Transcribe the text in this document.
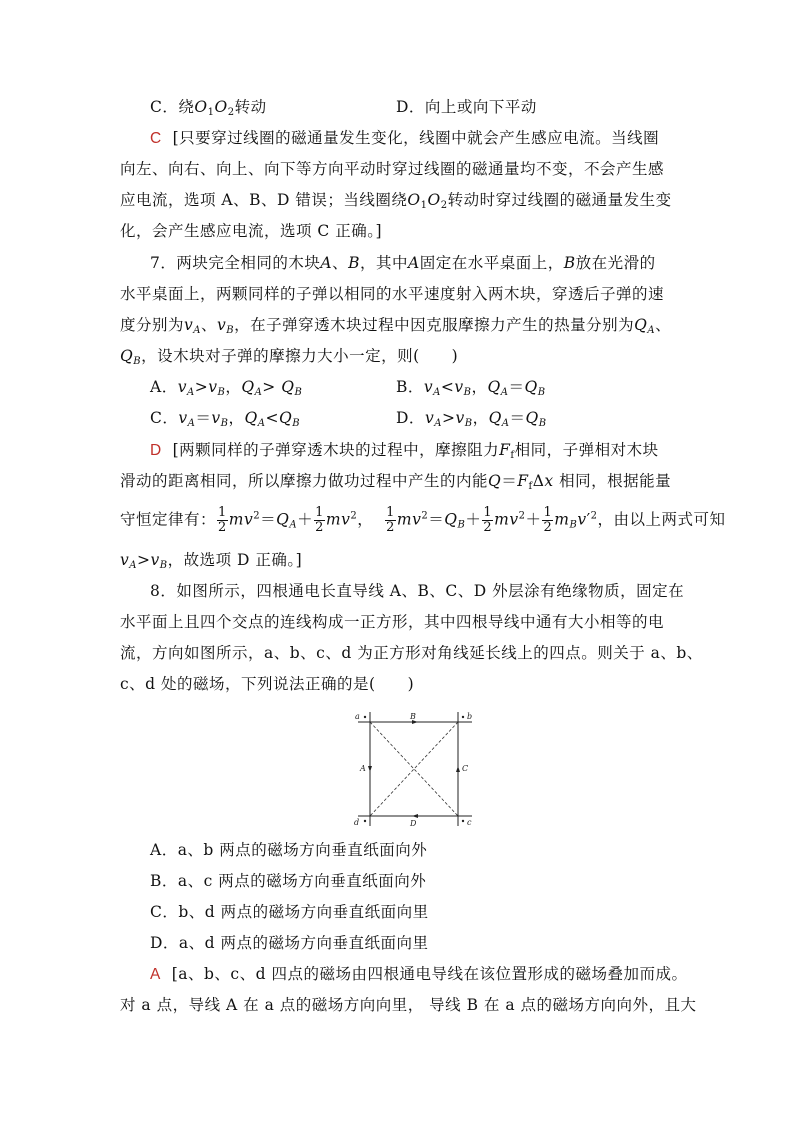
C．绕$O_1O_2$转动	D．向上或向下平动
C [只要穿过线圈的磁通量发生变化，线圈中就会产生感应电流。当线圈
向左、向右、向上、向下等方向平动时穿过线圈的磁通量均不变，不会产生感
应电流，选项 A、B、D 错误；当线圈绕$O_1O_2$转动时穿过线圈的磁通量发生变
化，会产生感应电流，选项 C 正确。]
7．两块完全相同的木块A、B，其中A固定在水平桌面上，B放在光滑的
水平桌面上，两颗同样的子弹以相同的水平速度射入两木块，穿透后子弹的速
度分别为$v_A$、$v_B$，在子弹穿透木块过程中因克服摩擦力产生的热量分别为$Q_A$、
$Q_B$，设木块对子弹的摩擦力大小一定，则(　　)
A．$v_A>v_B$，$Q_A> Q_B$	B．$v_A<v_B$，$Q_A=Q_B$
C．$v_A=v_B$，$Q_A<Q_B$	D．$v_A>v_B$，$Q_A=Q_B$
D [两颗同样的子弹穿透木块的过程中，摩擦阻力$F_f$相同，子弹相对木块
滑动的距离相同，所以摩擦力做功过程中产生的内能$Q=F_f\Delta x$ 相同，根据能量
守恒定律有： $\frac{1}{2} mv^2=Q_A+ \frac{1}{2} mv^2$， $\frac{1}{2} mv^2=Q_B+ \frac{1}{2} mv^2+ \frac{1}{2} m_Bv'^2$，由以上两式可知
$v_A>v_B$，故选项 D 正确。]
8．如图所示，四根通电长直导线 A、B、C、D 外层涂有绝缘物质，固定在
水平面上且四个交点的连线构成一正方形，其中四根导线中通有大小相等的电
流，方向如图所示，a、b、c、d 为正方形对角线延长线上的四点。则关于 a、b、
c、d 处的磁场，下列说法正确的是(　　)
a	b
c
d
B
D
A	C
A．a、b 两点的磁场方向垂直纸面向外
B．a、c 两点的磁场方向垂直纸面向外
C．b、d 两点的磁场方向垂直纸面向里
D．a、d 两点的磁场方向垂直纸面向里
A [a、b、c、d 四点的磁场由四根通电导线在该位置形成的磁场叠加而成。
对 a 点，导线 A 在 a 点的磁场方向向里， 导线 B 在 a 点的磁场方向向外，且大
